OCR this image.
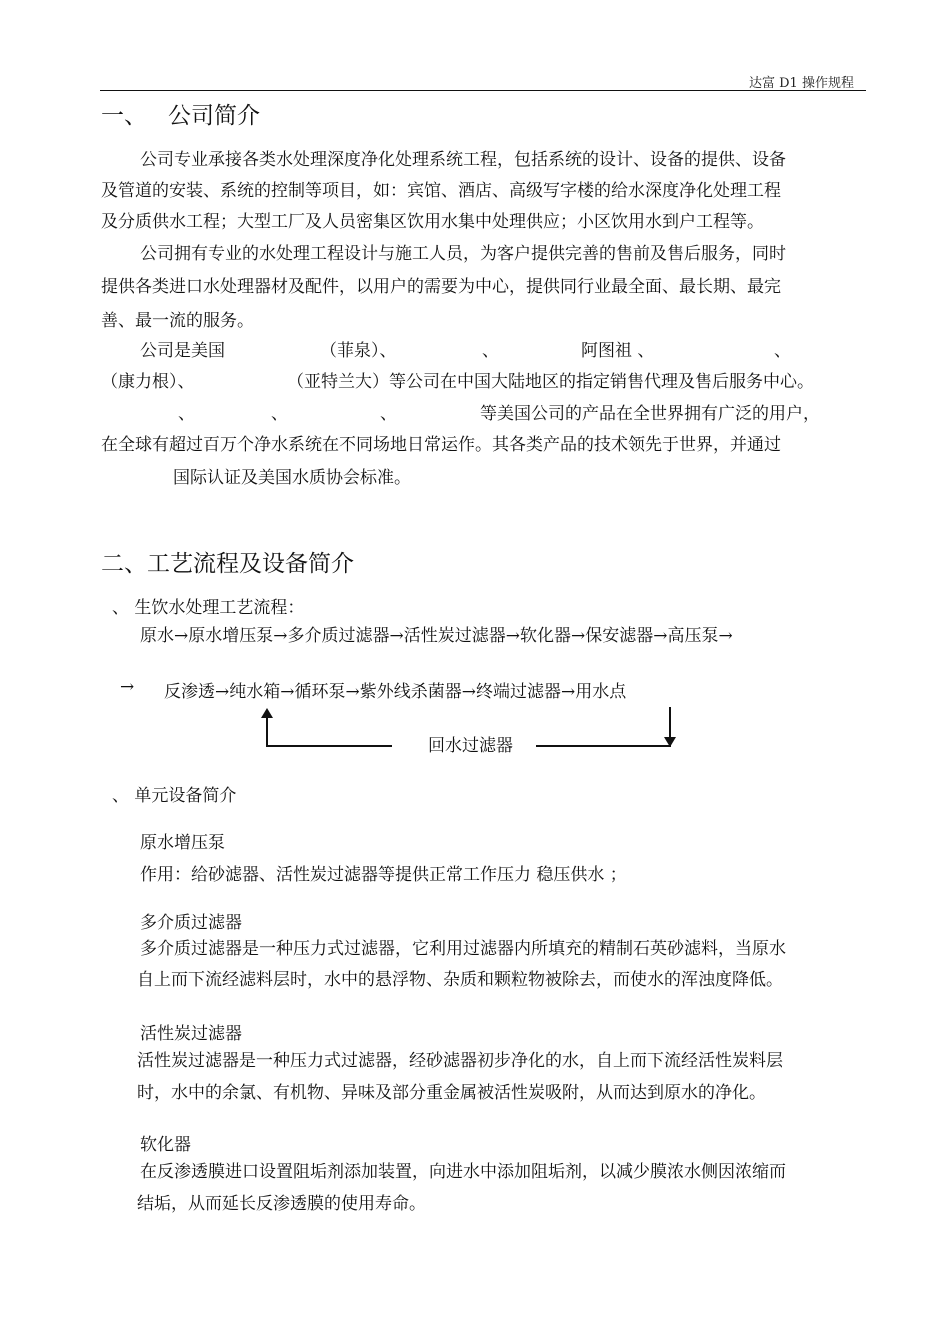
达富 D1 操作规程
一、 公司简介
公司专业承接各类水处理深度净化处理系统工程，包括系统的设计、设备的提供、设备
及管道的安装、系统的控制等项目，如：宾馆、酒店、高级写字楼的给水深度净化处理工程
及分质供水工程；大型工厂及人员密集区饮用水集中处理供应；小区饮用水到户工程等。
公司拥有专业的水处理工程设计与施工人员，为客户提供完善的售前及售后服务，同时
提供各类进口水处理器材及配件，以用户的需要为中心，提供同行业最全面、最长期、最完
善、最一流的服务。
公司是美国	（菲泉）、	、	阿图祖 、	、
（康力根）、	（亚特兰大）等公司在中国大陆地区的指定销售代理及售后服务中心。
、	、	、	等美国公司的产品在全世界拥有广泛的用户，
在全球有超过百万个净水系统在不同场地日常运作。其各类产品的技术领先于世界，并通过
国际认证及美国水质协会标准。
二、工艺流程及设备简介
、 生饮水处理工艺流程：
原水→原水增压泵→多介质过滤器→活性炭过滤器→软化器→保安滤器→高压泵→
→ 反渗透→纯水箱→循环泵→紫外线杀菌器→终端过滤器→用水点
回水过滤器
、 单元设备简介
原水增压泵
作用：给砂滤器、活性炭过滤器等提供正常工作压力 稳压供水 ；
多介质过滤器
多介质过滤器是一种压力式过滤器，它利用过滤器内所填充的精制石英砂滤料，当原水
自上而下流经滤料层时，水中的悬浮物、杂质和颗粒物被除去，而使水的浑浊度降低。
活性炭过滤器
活性炭过滤器是一种压力式过滤器，经砂滤器初步净化的水，自上而下流经活性炭料层
时，水中的余氯、有机物、异味及部分重金属被活性炭吸附，从而达到原水的净化。
软化器
在反渗透膜进口设置阻垢剂添加装置，向进水中添加阻垢剂，以减少膜浓水侧因浓缩而
结垢，从而延长反渗透膜的使用寿命。
